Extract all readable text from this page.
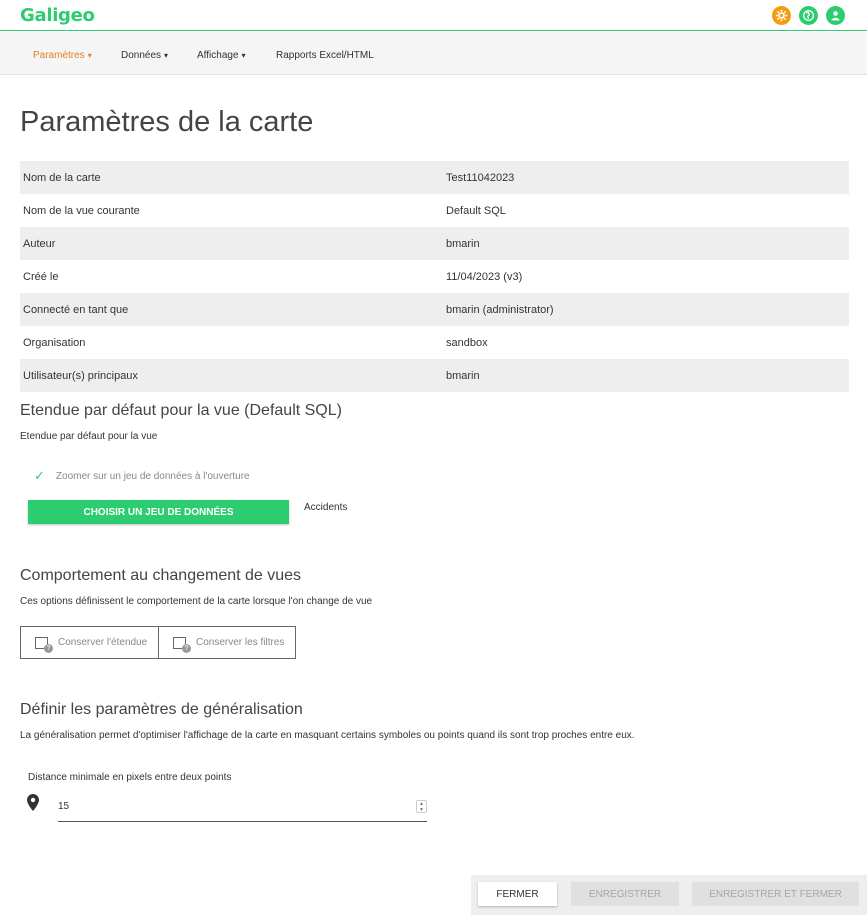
Galigeo
Paramètres ▾	Données ▾	Affichage ▾	Rapports Excel/HTML
Paramètres de la carte
Nom de la carte	Test11042023
Nom de la vue courante	Default SQL
Auteur	bmarin
Créé le	11/04/2023 (v3)
Connecté en tant que	bmarin (administrator)
Organisation	sandbox
Utilisateur(s) principaux	bmarin
Etendue par défaut pour la vue (Default SQL)
Etendue par défaut pour la vue
✓ Zoomer sur un jeu de données à l'ouverture
CHOISIR UN JEU DE DONNÉES	Accidents
Comportement au changement de vues
Ces options définissent le comportement de la carte lorsque l'on change de vue
? Conserver l'étendue	? Conserver les filtres
Définir les paramètres de généralisation
La généralisation permet d'optimiser l'affichage de la carte en masquant certains symboles ou points quand ils sont trop proches entre eux.
Distance minimale en pixels entre deux points
15	▲
▼
FERMER	ENREGISTRER	ENREGISTRER ET FERMER
